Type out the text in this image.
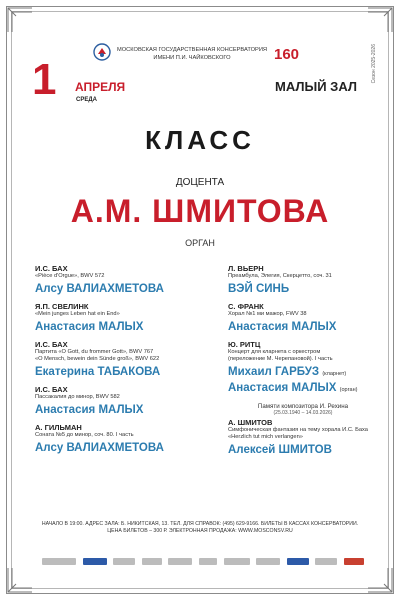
МОСКОВСКАЯ ГОСУДАРСТВЕННАЯ КОНСЕРВАТОРИЯ
ИМЕНИ П.И. ЧАЙКОВСКОГО	160	Сезон 2025-2026
1 АПРЕЛЯ
СРЕДА
МАЛЫЙ ЗАЛ
КЛАСС
ДОЦЕНТА
А.М. ШМИТОВА
ОРГАН
И.С. БАХ
«Pièce d'Orgue», BWV 572
Алсу ВАЛИАХМЕТОВА
Я.П. СВЕЛИНК
«Mein junges Leben hat ein End»
Анастасия МАЛЫХ
И.С. БАХ
Партита «O Gott, du frommer Gott», BWV 767
«O Mensch, bewein dein Sünde groß», BWV 622
Екатерина ТАБАКОВА
И.С. БАХ
Пассакалия до минор, BWV 582
Анастасия МАЛЫХ
А. ГИЛЬМАН
Соната №5 до минор, соч. 80. I часть
Алсу ВАЛИАХМЕТОВА
Л. ВЬЕРН
Преамбула, Элегия, Скерцетто, соч. 31
ВЭЙ СИНЬ
С. ФРАНК
Хорал №1 ми мажор, FWV 38
Анастасия МАЛЫХ
Ю. РИТЦ
Концерт для кларнета с оркестром
(переложение М. Черепановой). I часть
Михаил ГАРБУЗ (кларнет)
Анастасия МАЛЫХ (орган)
Памяти композитора И. Рехина
(25.03.1940 – 14.03.2026)
А. ШМИТОВ
Симфоническая фантазия на тему хорала И.С. Баха
«Herzlich tut mich verlangen»
Алексей ШМИТОВ
НАЧАЛО В 19:00. АДРЕС ЗАЛА: Б. НИКИТСКАЯ, 13. ТЕЛ. ДЛЯ СПРАВОК: (495) 629-9166. БИЛЕТЫ В КАССАХ КОНСЕРВАТОРИИ.
ЦЕНА БИЛЕТОВ – 300 Р. ЭЛЕКТРОННАЯ ПРОДАЖА: WWW.MOSCONSV.RU
